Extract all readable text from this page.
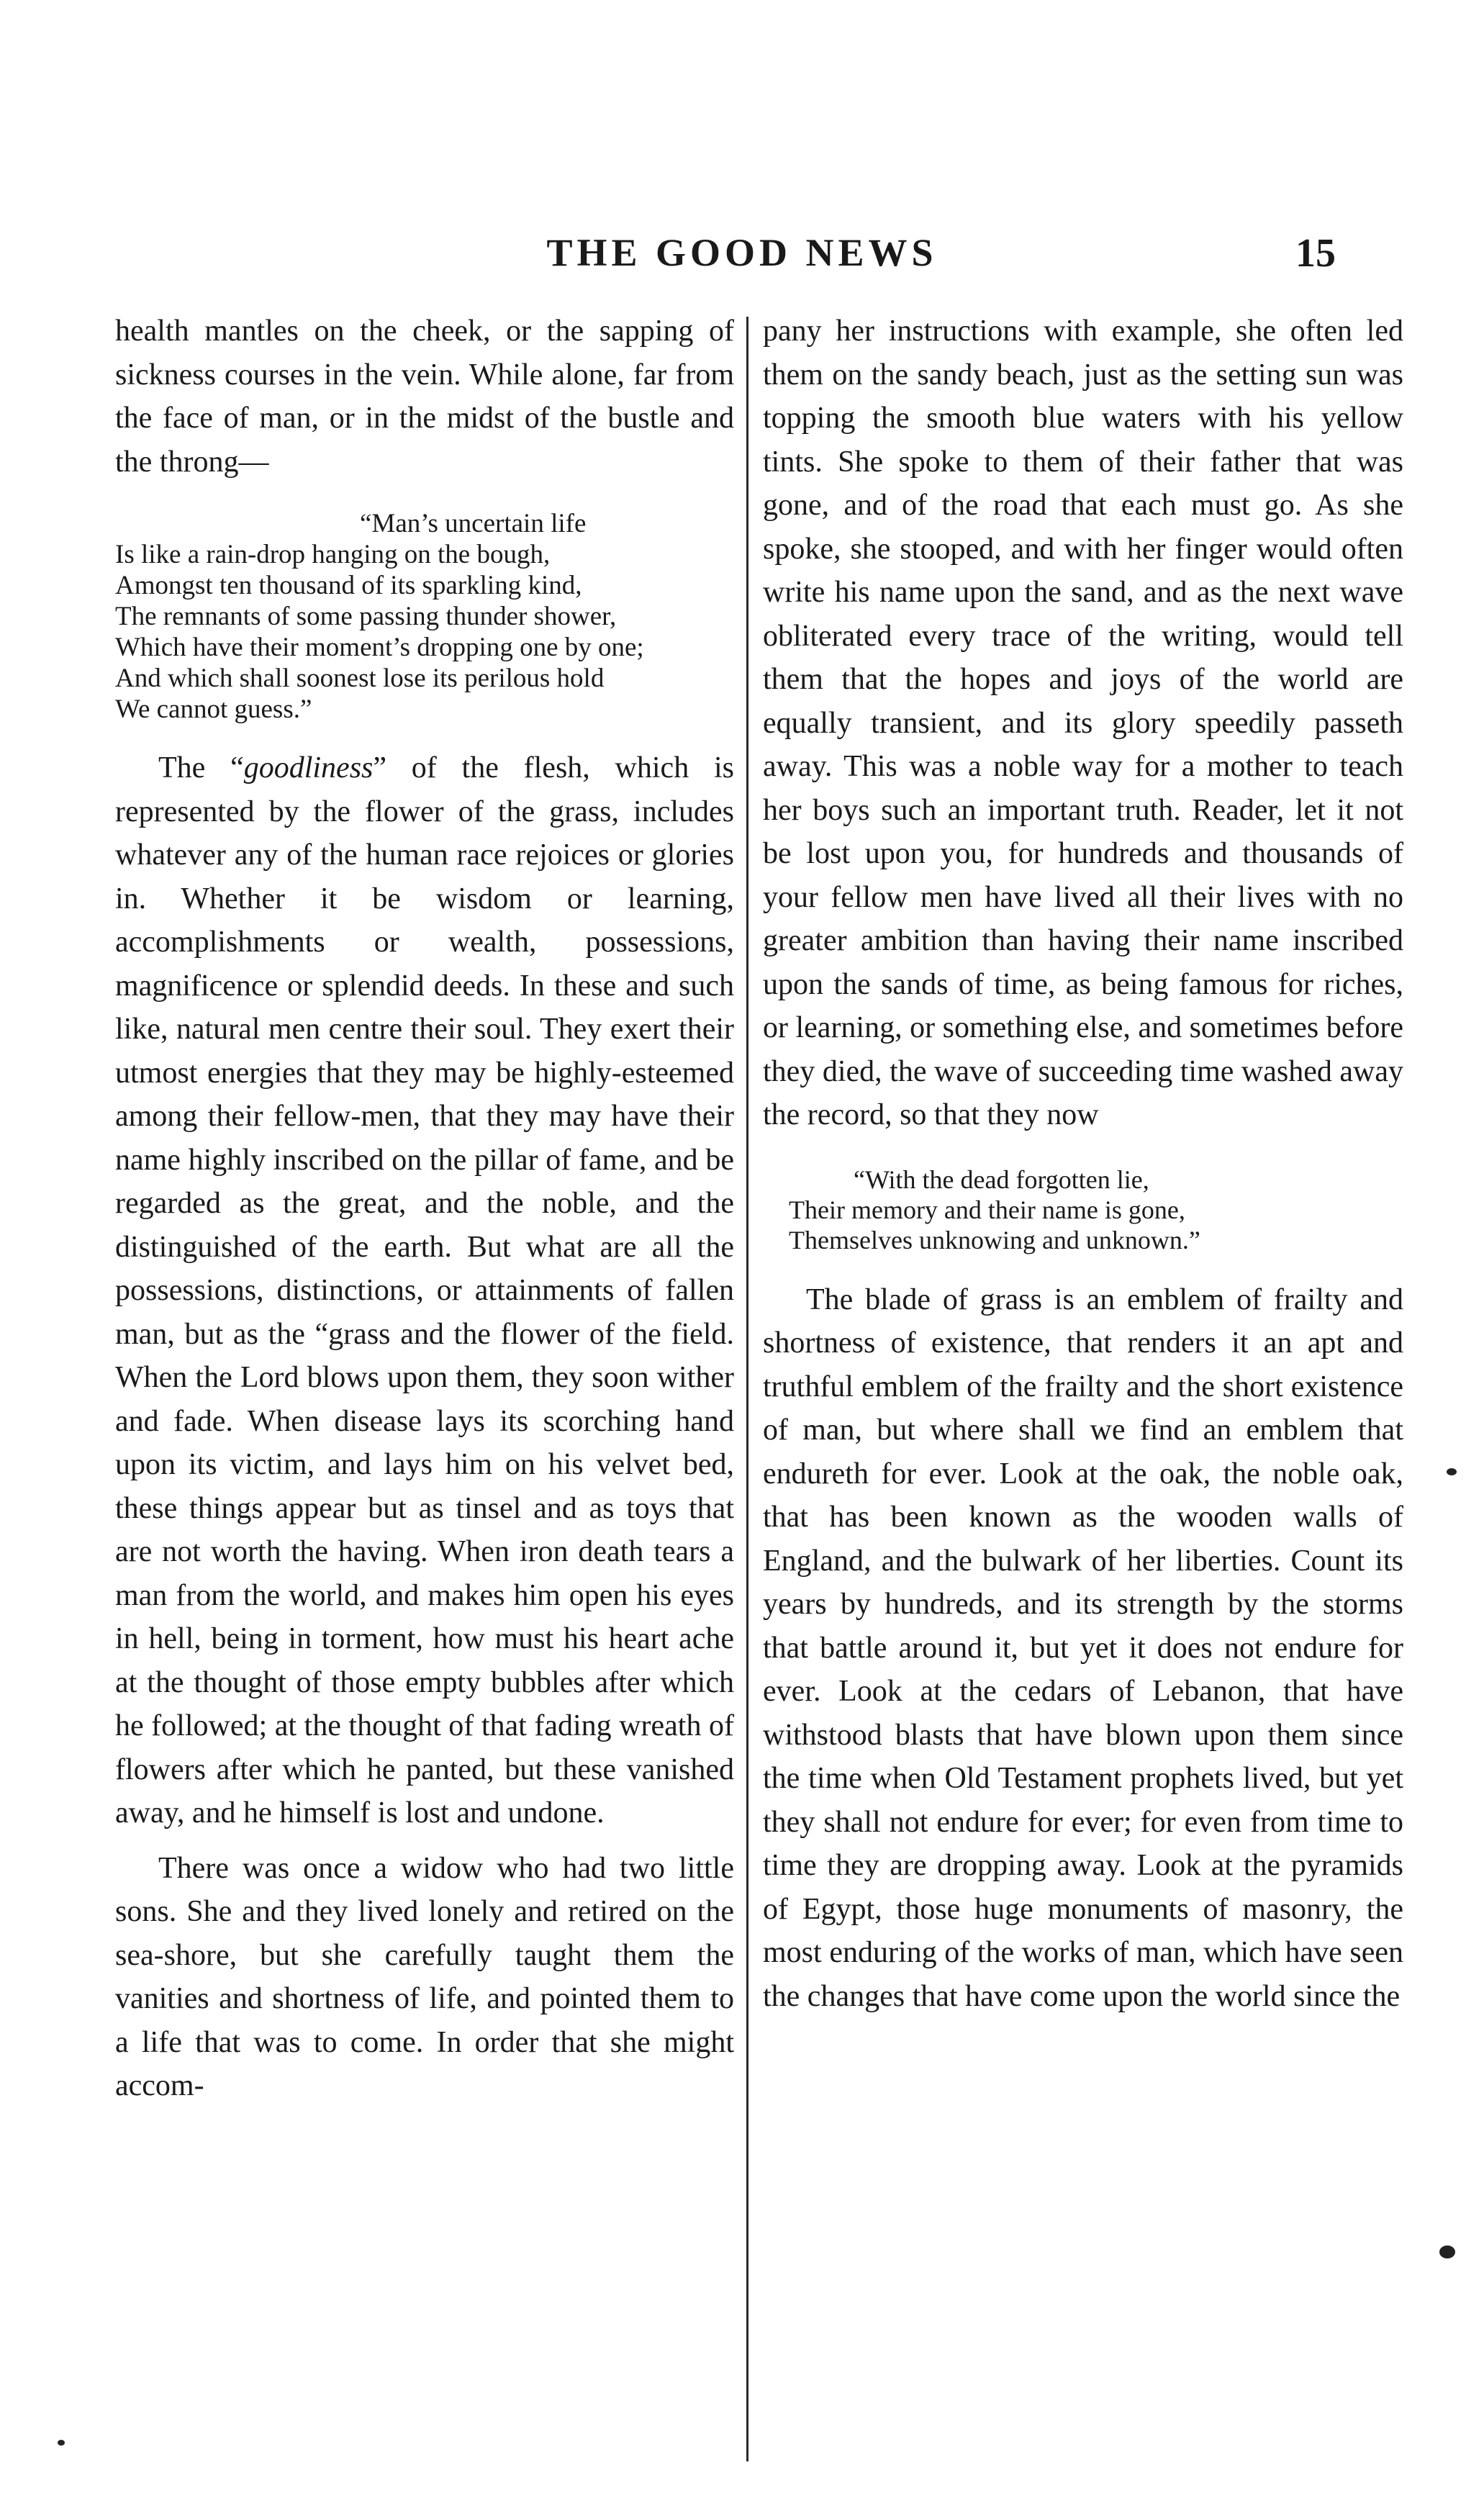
THE GOOD NEWS	15

health mantles on the cheek, or the sapping of sickness courses in the vein. While alone, far from the face of man, or in the midst of the bustle and the throng—

“Man’s uncertain life
Is like a rain-drop hanging on the bough,
Amongst ten thousand of its sparkling kind,
The remnants of some passing thunder shower,
Which have their moment’s dropping one by one;
And which shall soonest lose its perilous hold
We cannot guess.”

The “goodliness” of the flesh, which is represented by the flower of the grass, includes whatever any of the human race rejoices or glories in. Whether it be wisdom or learning, accomplishments or wealth, possessions, magnificence or splendid deeds. In these and such like, natural men centre their soul. They exert their utmost energies that they may be highly-esteemed among their fellow-men, that they may have their name highly inscribed on the pillar of fame, and be regarded as the great, and the noble, and the distinguished of the earth. But what are all the possessions, distinctions, or attainments of fallen man, but as the “grass and the flower of the field. When the Lord blows upon them, they soon wither and fade. When disease lays its scorching hand upon its victim, and lays him on his velvet bed, these things appear but as tinsel and as toys that are not worth the having. When iron death tears a man from the world, and makes him open his eyes in hell, being in torment, how must his heart ache at the thought of those empty bubbles after which he followed; at the thought of that fading wreath of flowers after which he panted, but these vanished away, and he himself is lost and undone.

There was once a widow who had two little sons. She and they lived lonely and retired on the sea-shore, but she carefully taught them the vanities and shortness of life, and pointed them to a life that was to come. In order that she might accom-

pany her instructions with example, she often led them on the sandy beach, just as the setting sun was topping the smooth blue waters with his yellow tints. She spoke to them of their father that was gone, and of the road that each must go. As she spoke, she stooped, and with her finger would often write his name upon the sand, and as the next wave obliterated every trace of the writing, would tell them that the hopes and joys of the world are equally transient, and its glory speedily passeth away. This was a noble way for a mother to teach her boys such an important truth. Reader, let it not be lost upon you, for hundreds and thousands of your fellow men have lived all their lives with no greater ambition than having their name inscribed upon the sands of time, as being famous for riches, or learning, or something else, and sometimes before they died, the wave of succeeding time washed away the record, so that they now

“With the dead forgotten lie,
Their memory and their name is gone,
Themselves unknowing and unknown.”

The blade of grass is an emblem of frailty and shortness of existence, that renders it an apt and truthful emblem of the frailty and the short existence of man, but where shall we find an emblem that endureth for ever. Look at the oak, the noble oak, that has been known as the wooden walls of England, and the bulwark of her liberties. Count its years by hundreds, and its strength by the storms that battle around it, but yet it does not endure for ever. Look at the cedars of Lebanon, that have withstood blasts that have blown upon them since the time when Old Testament prophets lived, but yet they shall not endure for ever; for even from time to time they are dropping away. Look at the pyramids of Egypt, those huge monuments of masonry, the most enduring of the works of man, which have seen the changes that have come upon the world since the
